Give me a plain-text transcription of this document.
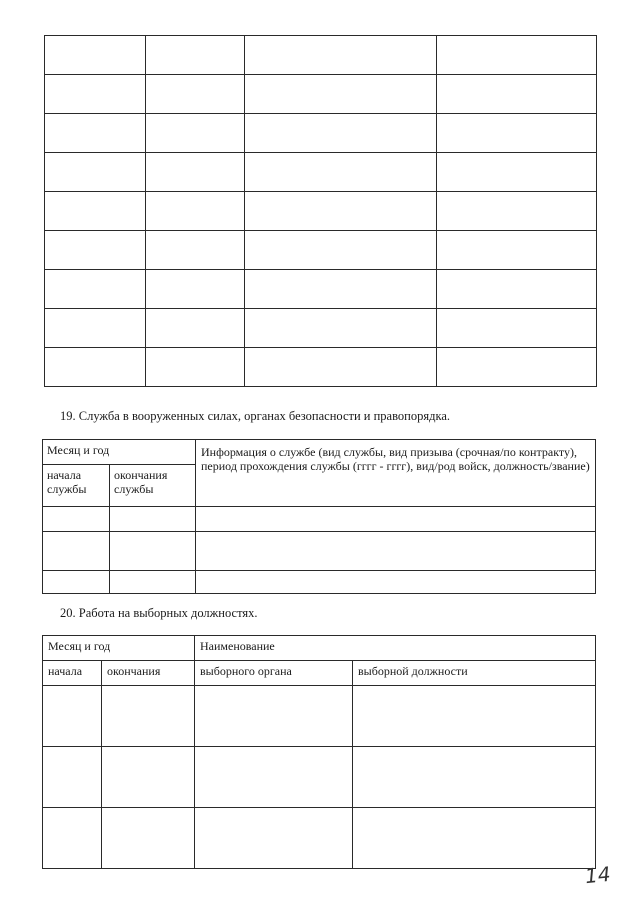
19. Служба в вооруженных силах, органах безопасности и правопорядка.
Месяц и год		Информация о службе (вид службы, вид призыва (срочная/по контракту), период прохождения службы (гггг - гггг), вид/род войск, должность/звание)
начала службы	окончания службы	

20. Работа на выборных должностях.
Месяц и год		Наименование	
начала	окончания	выборного органа	выборной должности

14
